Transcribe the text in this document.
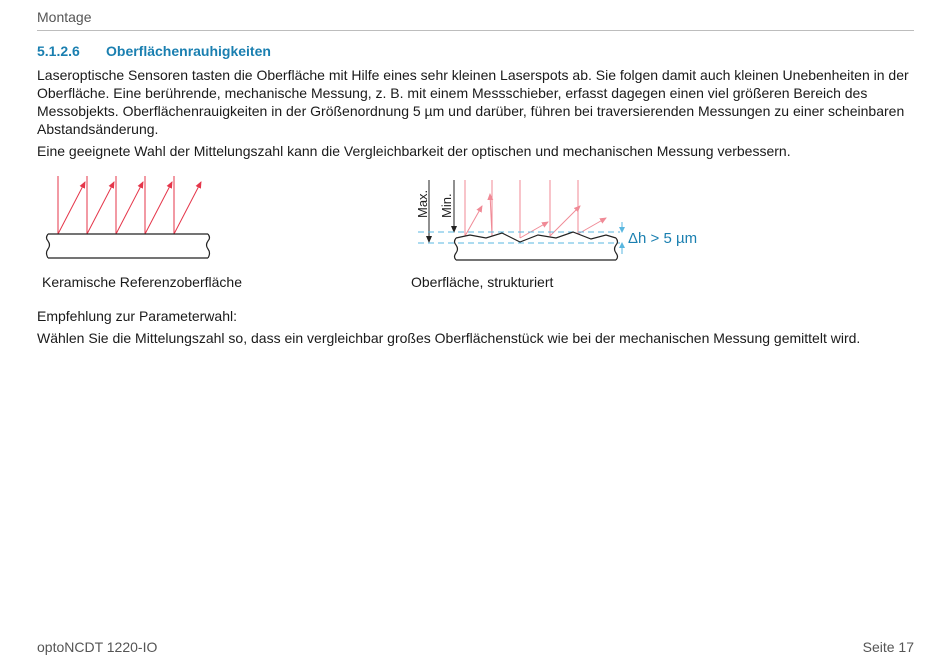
Montage
5.1.2.6 Oberflächenrauhigkeiten
Laseroptische Sensoren tasten die Oberfläche mit Hilfe eines sehr kleinen Laserspots ab. Sie folgen damit auch kleinen Unebenheiten in der Oberfläche. Eine berührende, mechanische Messung, z. B. mit einem Messschieber, erfasst dagegen einen viel größeren Bereich des Messobjekts. Oberflächenrauigkeiten in der Größenordnung 5 µm und darüber, führen bei traversierenden Messungen zu einer scheinbaren Abstandsänderung.
Eine geeignete Wahl der Mittelungszahl kann die Vergleichbarkeit der optischen und mechanischen Messung verbessern.
Max. Min.
Δh > 5 µm
Keramische Referenzoberfläche	Oberfläche, strukturiert
Empfehlung zur Parameterwahl:
Wählen Sie die Mittelungszahl so, dass ein vergleichbar großes Oberflächenstück wie bei der mechanischen Messung gemittelt wird.
optoNCDT 1220-IO	Seite 17
